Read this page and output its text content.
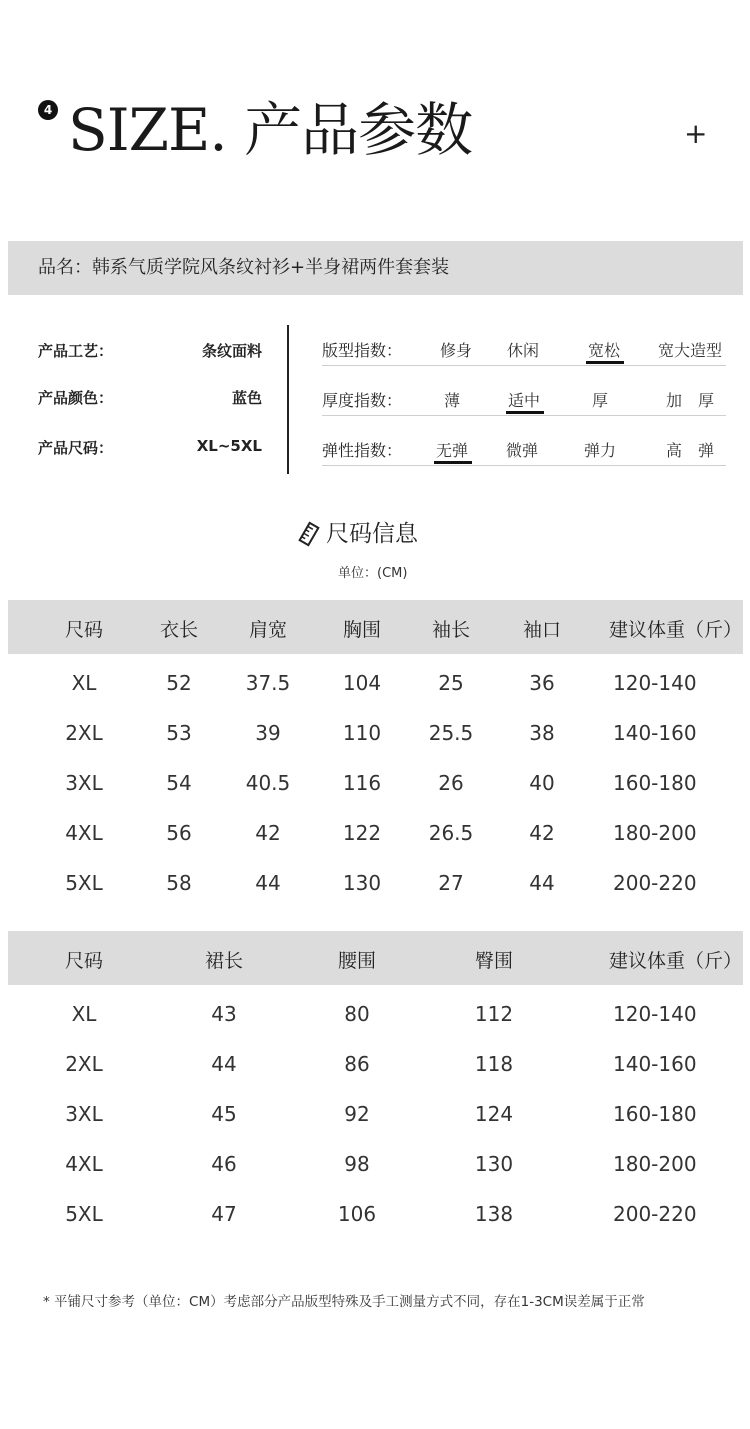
4 SIZE. 产品参数	+
品名：韩系气质学院风条纹衬衫+半身裙两件套套装
产品工艺：	条纹面料
产品颜色：	蓝色
产品尺码：	XL~5XL
版型指数：	修身	休闲	宽松	宽大造型
厚度指数：	薄	适中	厚	加　厚
弹性指数：	无弹	微弹	弹力	高　弹
尺码信息
单位：(CM)
尺码	衣长	肩宽	胸围	袖长	袖口	建议体重（斤）
XL	52	37.5	104	25	36	120-140
2XL	53	39	110	25.5	38	140-160
3XL	54	40.5	116	26	40	160-180
4XL	56	42	122	26.5	42	180-200
5XL	58	44	130	27	44	200-220
尺码	裙长	腰围	臀围	建议体重（斤）
XL	43	80	112	120-140
2XL	44	86	118	140-160
3XL	45	92	124	160-180
4XL	46	98	130	180-200
5XL	47	106	138	200-220
* 平铺尺寸参考（单位：CM）考虑部分产品版型特殊及手工测量方式不同，存在1-3CM误差属于正常
